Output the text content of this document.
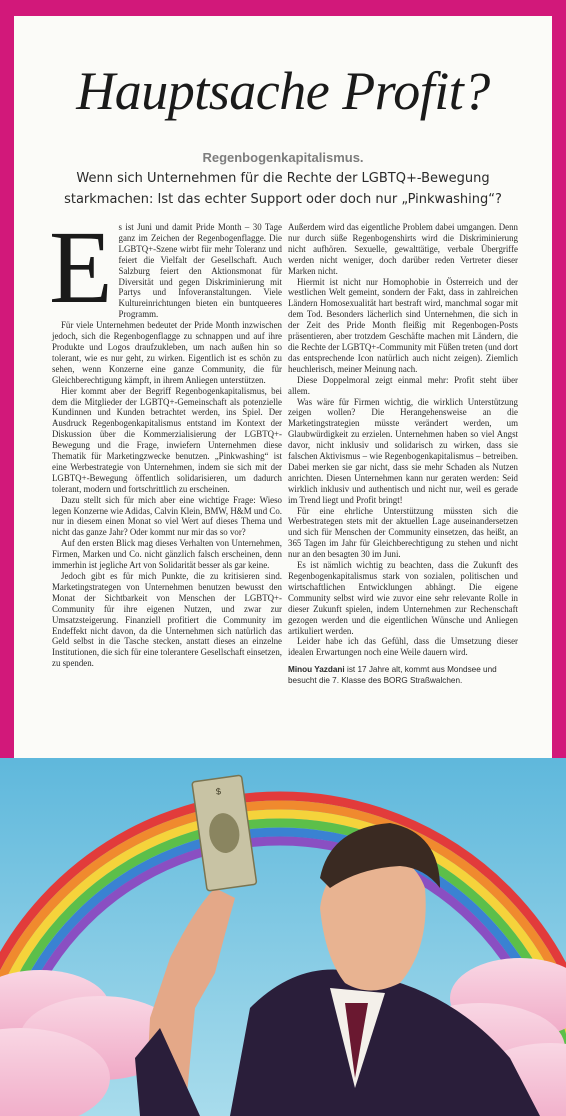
Hauptsache Profit?
Regenbogenkapitalismus.
Wenn sich Unternehmen für die Rechte der LGBTQ+-Bewegung starkmachen: Ist das echter Support oder doch nur „Pinkwashing“?

Es ist Juni und damit Pride Month – 30 Tage ganz im Zeichen der Regenbogenflagge. Die LGBTQ+-Szene wirbt für mehr Toleranz und feiert die Vielfalt der Gesellschaft. Auch Salzburg feiert den Aktionsmonat für Diversität und gegen Diskriminierung mit Partys und Infoveranstaltungen. Viele Kultureinrichtungen bieten ein buntqueeres Programm.

Für viele Unternehmen bedeutet der Pride Month inzwischen jedoch, sich die Regenbogenflagge zu schnappen und auf ihre Produkte und Logos draufzukleben, um nach außen hin so tolerant, wie es nur geht, zu wirken. Eigentlich ist es schön zu sehen, wenn Konzerne eine ganze Community, die für Gleichberechtigung kämpft, in ihrem Anliegen unterstützen.

Hier kommt aber der Begriff Regenbogenkapitalismus, bei dem die Mitglieder der LGBTQ+-Gemeinschaft als potenzielle Kundinnen und Kunden betrachtet werden, ins Spiel. Der Ausdruck Regenbogenkapitalismus entstand im Kontext der Diskussion über die Kommerzialisierung der LGBTQ+-Bewegung und die Frage, inwiefern Unternehmen diese Thematik für Marketingzwecke benutzen. „Pinkwashing“ ist eine Werbestrategie von Unternehmen, indem sie sich mit der LGBTQ+-Bewegung öffentlich solidarisieren, um dadurch tolerant, modern und fortschrittlich zu erscheinen.

Dazu stellt sich für mich aber eine wichtige Frage: Wieso legen Konzerne wie Adidas, Calvin Klein, BMW, H&M und Co. nur in diesem einen Monat so viel Wert auf dieses Thema und nicht das ganze Jahr? Oder kommt nur mir das so vor?

Auf den ersten Blick mag dieses Verhalten von Unternehmen, Firmen, Marken und Co. nicht gänzlich falsch erscheinen, denn immerhin ist jegliche Art von Solidarität besser als gar keine.

Jedoch gibt es für mich Punkte, die zu kritisieren sind. Marketingstrategen von Unternehmen benutzen bewusst den Monat der Sichtbarkeit von Menschen der LGBTQ+-Community für ihre eigenen Nutzen, und zwar zur Umsatzsteigerung. Finanziell profitiert die Community im Endeffekt nicht davon, da die Unternehmen sich natürlich das Geld selbst in die Tasche stecken, anstatt dieses an einzelne Institutionen, die sich für eine tolerantere Gesellschaft einsetzen, zu spenden.

Außerdem wird das eigentliche Problem dabei umgangen. Denn nur durch süße Regenbogenshirts wird die Diskriminierung nicht aufhören. Sexuelle, gewalttätige, verbale Übergriffe werden nicht weniger, doch darüber reden Vertreter dieser Marken nicht.

Hiermit ist nicht nur Homophobie in Österreich und der westlichen Welt gemeint, sondern der Fakt, dass in zahlreichen Ländern Homosexualität hart bestraft wird, manchmal sogar mit dem Tod. Besonders lächerlich sind Unternehmen, die sich in der Zeit des Pride Month fleißig mit Regenbogen-Posts präsentieren, aber trotzdem Geschäfte machen mit Ländern, die die Rechte der LGBTQ+-Community mit Füßen treten (und dort das entsprechende Icon natürlich auch nicht zeigen). Ziemlich heuchlerisch, meiner Meinung nach.

Diese Doppelmoral zeigt einmal mehr: Profit steht über allem.

Was wäre für Firmen wichtig, die wirklich Unterstützung zeigen wollen? Die Herangehensweise an die Marketingstrategien müsste verändert werden, um Glaubwürdigkeit zu erzielen. Unternehmen haben so viel Angst davor, nicht inklusiv und solidarisch zu wirken, dass sie falschen Aktivismus – wie Regenbogenkapitalismus – betreiben. Dabei merken sie gar nicht, dass sie mehr Schaden als Nutzen anrichten. Diesen Unternehmen kann nur geraten werden: Seid wirklich inklusiv und authentisch und nicht nur, weil es gerade im Trend liegt und Profit bringt!

Für eine ehrliche Unterstützung müssten sich die Werbestrategen stets mit der aktuellen Lage auseinandersetzen und sich für Menschen der Community einsetzen, das heißt, an 365 Tagen im Jahr für Gleichberechtigung zu stehen und nicht nur an den besagten 30 im Juni.

Es ist nämlich wichtig zu beachten, dass die Zukunft des Regenbogenkapitalismus stark von sozialen, politischen und wirtschaftlichen Entwicklungen abhängt. Die eigene Community selbst wird wie zuvor eine sehr relevante Rolle in dieser Zukunft spielen, indem Unternehmen zur Rechenschaft gezogen werden und die eigentlichen Wünsche und Anliegen artikuliert werden.

Leider habe ich das Gefühl, dass die Umsetzung dieser idealen Erwartungen noch eine Weile dauern wird.

Minou Yazdani ist 17 Jahre alt, kommt aus Mondsee und besucht die 7. Klasse des BORG Straßwalchen.
$
